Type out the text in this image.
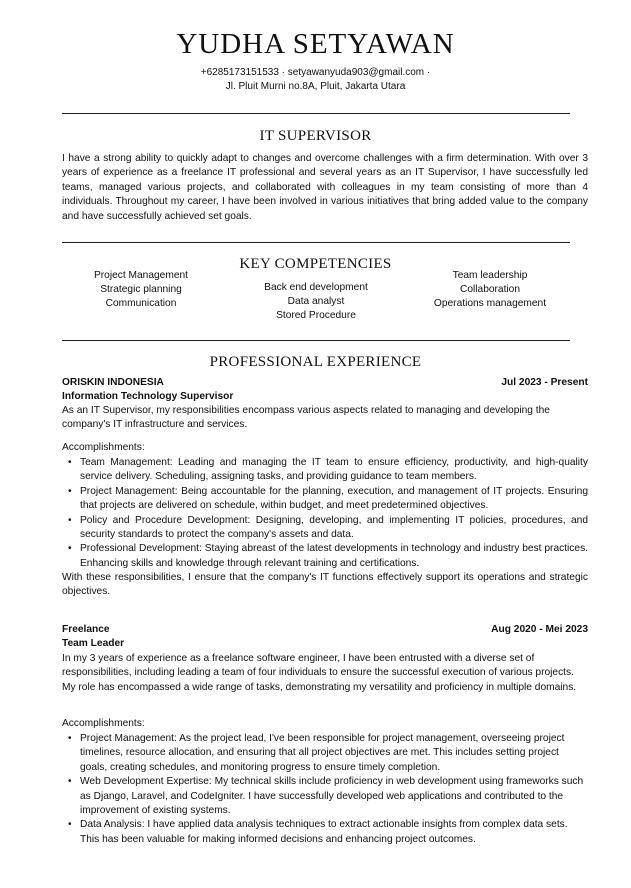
YUDHA SETYAWAN
+6285173151533 · setyawanyuda903@gmail.com ·
Jl. Pluit Murni no.8A, Pluit, Jakarta Utara
IT SUPERVISOR
I have a strong ability to quickly adapt to changes and overcome challenges with a firm determination. With over 3 years of experience as a freelance IT professional and several years as an IT Supervisor, I have successfully led teams, managed various projects, and collaborated with colleagues in my team consisting of more than 4 individuals. Throughout my career, I have been involved in various initiatives that bring added value to the company and have successfully achieved set goals.
KEY COMPETENCIES
Project Management
Strategic planning
Communication
Back end development
Data analyst
Stored Procedure
Team leadership
Collaboration
Operations management
PROFESSIONAL EXPERIENCE
ORISKIN INDONESIA	Jul 2023 - Present
Information Technology Supervisor
As an IT Supervisor, my responsibilities encompass various aspects related to managing and developing the company's IT infrastructure and services.
Accomplishments:
• Team Management: Leading and managing the IT team to ensure efficiency, productivity, and high-quality service delivery. Scheduling, assigning tasks, and providing guidance to team members.
• Project Management: Being accountable for the planning, execution, and management of IT projects. Ensuring that projects are delivered on schedule, within budget, and meet predetermined objectives.
• Policy and Procedure Development: Designing, developing, and implementing IT policies, procedures, and security standards to protect the company's assets and data.
• Professional Development: Staying abreast of the latest developments in technology and industry best practices. Enhancing skills and knowledge through relevant training and certifications.
With these responsibilities, I ensure that the company's IT functions effectively support its operations and strategic objectives.
Freelance	Aug 2020 - Mei 2023
Team Leader
In my 3 years of experience as a freelance software engineer, I have been entrusted with a diverse set of responsibilities, including leading a team of four individuals to ensure the successful execution of various projects. My role has encompassed a wide range of tasks, demonstrating my versatility and proficiency in multiple domains.
Accomplishments:
• Project Management: As the project lead, I've been responsible for project management, overseeing project timelines, resource allocation, and ensuring that all project objectives are met. This includes setting project goals, creating schedules, and monitoring progress to ensure timely completion.
• Web Development Expertise: My technical skills include proficiency in web development using frameworks such as Django, Laravel, and CodeIgniter. I have successfully developed web applications and contributed to the improvement of existing systems.
• Data Analysis: I have applied data analysis techniques to extract actionable insights from complex data sets. This has been valuable for making informed decisions and enhancing project outcomes.
